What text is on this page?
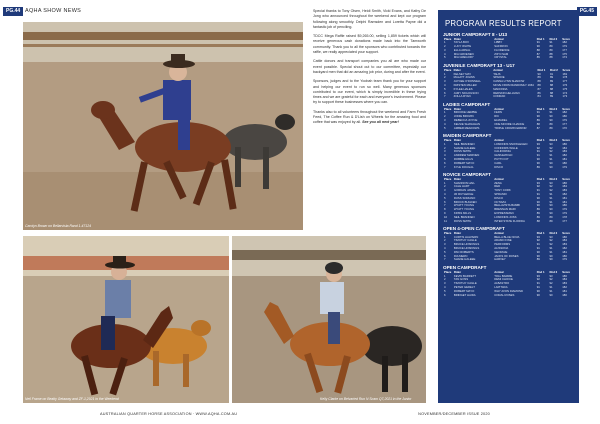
PG.44 AQHA SHOW NEWS	PG.45
Carolyn Brown on Bellarvista Rand 1-47124
Neil Frame on Beatty Getaway and ZF-1,2021 in the Weekend	Kelly Clarke on Belvaried Run N Scam Q7,2021 in the Junior

Special thanks to Tony Olsen, Heidi Smith, Vicki Evans, and Kathy De Jong who announced throughout the weekend and kept our program following along smoothly. Delphi Ramsden and Loretta Payne did a fantastic job of penciling.

TDCC Mega Raffle raised $9,265.00, selling 1,859 tickets which will receive generous cash donations made back into the Tamworth community. Thank you to all the sponsors who contributed towards the raffle, we really appreciated your support.

Cattle donors and transport companies you all are who made our event possible. Special shout out to our committee, especially our backyard men that did an amazing job prior, during and after the event.

Sponsors, judges and to the Yoobah team thank you for your support and helping our event to run so well. Many generous sponsors contributed to our event, which is simply incredible in these trying times and we are grateful for each and everyone's involvement. Please try to support these businesses where you can.

Thanks also to all volunteers throughout the weekend and Farm Fresh Feed, The Coffee Run & D'Lish on Wheels for the amazing food and coffee that was enjoyed by all. See you all next year!

PROGRAM RESULTS REPORT
JUNIOR CAMPDRAFT 8 - U13
Place	Rider	Animal	Rnd 1	Rnd 2	Score
1	TAYLA BOX	LIBBY	91	91	182
2	LUCY WHITE	SAFFRON	90	89	179
3	ELLA ARNAL	FLORENCE	88	89	177
4	MIA GROENEN	ZIP N SAM	87	88	175
5	MIA GREGORY	CRYSTAL	85	88	173
JUVENILE CAMPDRAFT 13 - U17
Place	Rider	Animal	Rnd 1	Rnd 2	Score
1	KELSEY MAY	TAHS	90	91	181
2	MALATT JOHNS	SPADOE	89	89	178
3	JAYCEE O'DONNELL	CANNA LYNN SHADOW	88	89	177
4	KRISTEN MILLER	MOVE FROM RANDOMLY 1964	88	88	176
5	KYLEE HALES	MADONNA	87	88	175
6	JAMY NICHOLSON	REDSKIN HELLMAN	86	88	174
7	ZOLLA RYAN	CONRAD	84	89	173
LADIES CAMPDRAFT
Place	Rider	Animal	Rnd 1	Rnd 2	Score
1	BROOKE HERBIE	FERN	91	91	182
2	JODIE BROWN	RIC	90	90	180
3	REBECCA JOYCE	ELMADEL	89	90	179
4	KELSIE SHANAHAN	ONE MOORE CHANCE	88	89	177
5	AMBER MEADOWS	TRIPLE CROWN ERROR	87	89	176
MAIDEN CAMPDRAFT
Place	Rider	Animal	Rnd 1	Rnd 2	Score
1	NEIL BRANDEN	LOMONDS SNOWLEGEN	93	93	186
2	SHANE HALEEE	CONNORS WILLE	92	92	184
3	ROSS SMITH	CALIFORNIA	91	92	183
4	ANDREW MARNEN	GIZZLEWOLD	91	91	182
5	ROBBIE HILLS	PUTTO FIT	90	91	181
6	ROBERT MAYO	CARL	90	90	180
7	KYLE DOUGAL	DISCO	89	90	179
NOVICE CAMPDRAFT
Place	Rider	Animal	Rnd 1	Rnd 2	Score
1	SHANNON HAIL	ZENA	93	93	186
2	CALE HART	RED	92	92	184
3	GORDAN JAMAL	TONY CORK	91	92	183
4	JR RUTLEDGE	SPRANDI	91	91	182
5	RUSS SORIANO	DISCO	90	91	181
6	BROCK BUGDEN	OCTAVIA	90	91	181
7	WYATT YOUNG	BELLAVISTA BAMBI	90	90	180
8	WYATT YOUNG	BRENNAN MARI	89	90	179
9	KRISS MILLS	EXPRESSMAN	89	90	179
10	NEIL BRANDEN	LOMONDS JOSS	89	89	178
11	ROSS SMITH	INTER STATE FLORIDA	88	89	177
OPEN 4-OPEN CAMPDRAFT
Place	Rider	Animal	Rnd 1	Rnd 2	Score
1	CURTIS HALPERN	BELLA BLUE NOVA	93	93	186
2	TIMOTHY CAGLE	ADAMO FINE	92	92	184
3	BRUCE HOSKINGS	PERFORMS	91	92	183
4	BRUCE HOSKINGS	ALISSONA	91	91	182
5	PAN ROBERTS	GEORGIE	90	91	181
6	RIA MERN	JACKS OF ROSES	90	90	180
7	SHANE HALEEE	HARVEY	89	90	179
OPEN CAMPDRAFT
Place	Rider	Animal	Rnd 1	Rnd 2	Score
1	KEVIN BARRETT	TOLL BARRIE	93	93	186
2	TAN GOSS	DEMI CHOICE	92	92	184
3	TIMOTHY CAGLE	ALBASTRO	91	92	183
4	PETER GERELT	LAPITADA	91	91	182
5	ROBERT MAYO	WHY AVON DIAMOND	90	91	181
6	BRIDGET HAIDA	CORAL ROSES	90	90	180
AUSTRALIAN QUARTER HORSE ASSOCIATION · WWW.AQHA.COM.AU	NOVEMBER/DECEMBER ISSUE 2020
